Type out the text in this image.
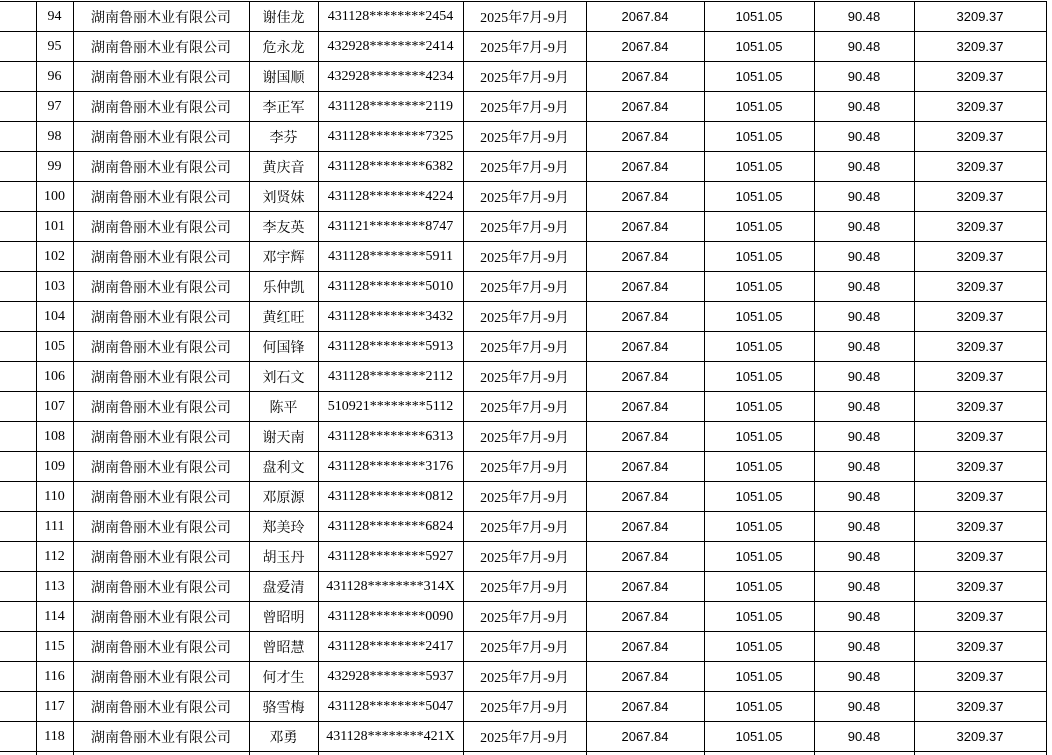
	94	湖南鲁丽木业有限公司	谢佳龙	431128********2454	2025年7月-9月	2067.84	1051.05	90.48	3209.37
	95	湖南鲁丽木业有限公司	危永龙	432928********2414	2025年7月-9月	2067.84	1051.05	90.48	3209.37
	96	湖南鲁丽木业有限公司	谢国顺	432928********4234	2025年7月-9月	2067.84	1051.05	90.48	3209.37
	97	湖南鲁丽木业有限公司	李正军	431128********2119	2025年7月-9月	2067.84	1051.05	90.48	3209.37
	98	湖南鲁丽木业有限公司	李芬	431128********7325	2025年7月-9月	2067.84	1051.05	90.48	3209.37
	99	湖南鲁丽木业有限公司	黄庆音	431128********6382	2025年7月-9月	2067.84	1051.05	90.48	3209.37
	100	湖南鲁丽木业有限公司	刘贤妹	431128********4224	2025年7月-9月	2067.84	1051.05	90.48	3209.37
	101	湖南鲁丽木业有限公司	李友英	431121********8747	2025年7月-9月	2067.84	1051.05	90.48	3209.37
	102	湖南鲁丽木业有限公司	邓宇辉	431128********5911	2025年7月-9月	2067.84	1051.05	90.48	3209.37
	103	湖南鲁丽木业有限公司	乐仲凯	431128********5010	2025年7月-9月	2067.84	1051.05	90.48	3209.37
	104	湖南鲁丽木业有限公司	黄红旺	431128********3432	2025年7月-9月	2067.84	1051.05	90.48	3209.37
	105	湖南鲁丽木业有限公司	何国锋	431128********5913	2025年7月-9月	2067.84	1051.05	90.48	3209.37
	106	湖南鲁丽木业有限公司	刘石文	431128********2112	2025年7月-9月	2067.84	1051.05	90.48	3209.37
	107	湖南鲁丽木业有限公司	陈平	510921********5112	2025年7月-9月	2067.84	1051.05	90.48	3209.37
	108	湖南鲁丽木业有限公司	谢天南	431128********6313	2025年7月-9月	2067.84	1051.05	90.48	3209.37
	109	湖南鲁丽木业有限公司	盘利文	431128********3176	2025年7月-9月	2067.84	1051.05	90.48	3209.37
	110	湖南鲁丽木业有限公司	邓原源	431128********0812	2025年7月-9月	2067.84	1051.05	90.48	3209.37
	111	湖南鲁丽木业有限公司	郑美玲	431128********6824	2025年7月-9月	2067.84	1051.05	90.48	3209.37
	112	湖南鲁丽木业有限公司	胡玉丹	431128********5927	2025年7月-9月	2067.84	1051.05	90.48	3209.37
	113	湖南鲁丽木业有限公司	盘爱清	431128********314X	2025年7月-9月	2067.84	1051.05	90.48	3209.37
	114	湖南鲁丽木业有限公司	曾昭明	431128********0090	2025年7月-9月	2067.84	1051.05	90.48	3209.37
	115	湖南鲁丽木业有限公司	曾昭慧	431128********2417	2025年7月-9月	2067.84	1051.05	90.48	3209.37
	116	湖南鲁丽木业有限公司	何才生	432928********5937	2025年7月-9月	2067.84	1051.05	90.48	3209.37
	117	湖南鲁丽木业有限公司	骆雪梅	431128********5047	2025年7月-9月	2067.84	1051.05	90.48	3209.37
	118	湖南鲁丽木业有限公司	邓勇	431128********421X	2025年7月-9月	2067.84	1051.05	90.48	3209.37
